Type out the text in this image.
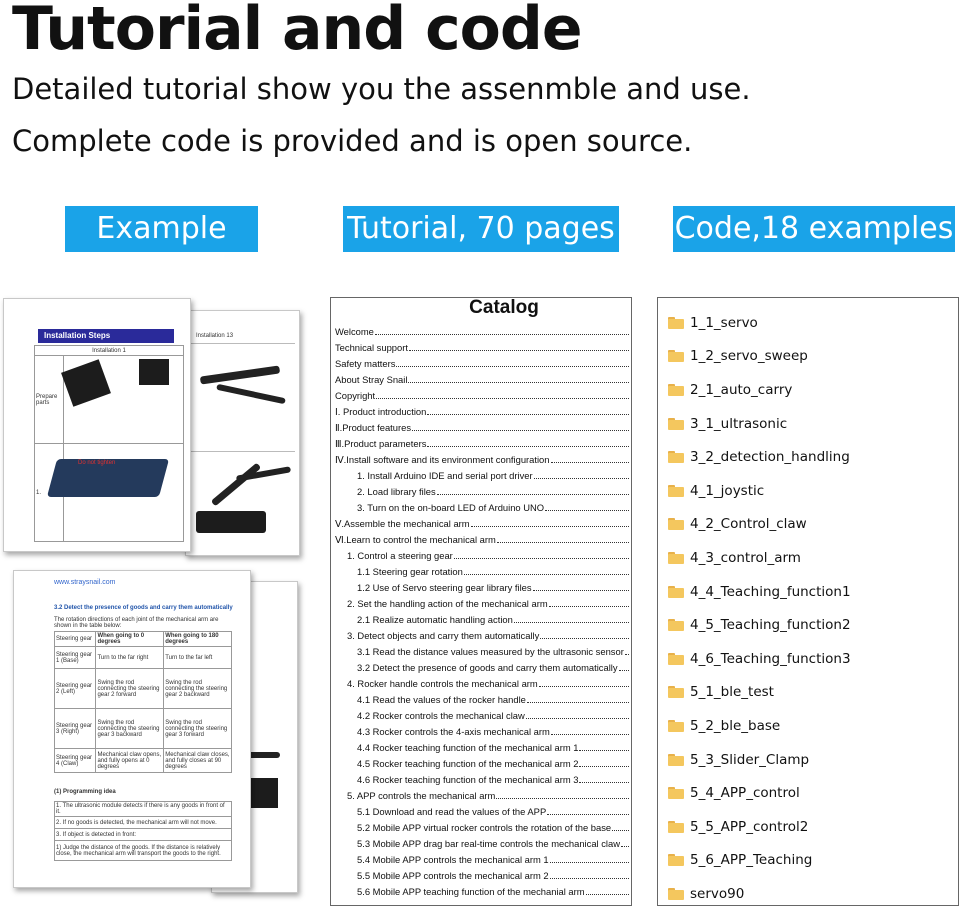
Tutorial and code

Detailed tutorial show you the assenmble and use.

Complete code is provided and is open source.

Example	Tutorial, 70 pages Code,18 examples
Installation 13
Installation Steps
Installation 1	
Prepare parts	
1.	
Do not tighten
www.straysnail.com
3.2 Detect the presence of goods and carry them automatically
The rotation directions of each joint of the mechanical arm are shown in the table below:
Steering gear	When going to 0 degrees	When going to 180 degrees
Steering gear 1 (Base)	Turn to the far right	Turn to the far left
Steering gear 2 (Left)	Swing the rod connecting the steering gear 2 forward	Swing the rod connecting the steering gear 2 backward
Steering gear 3 (Right)	Swing the rod connecting the steering gear 3 backward	Swing the rod connecting the steering gear 3 forward
Steering gear 4 (Claw)	Mechanical claw opens, and fully opens at 0 degrees	Mechanical claw closes, and fully closes at 90 degrees
(1) Programming idea
1. The ultrasonic module detects if there is any goods in front of it.
2. If no goods is detected, the mechanical arm will not move.
3. If object is detected in front:
1) Judge the distance of the goods. If the distance is relatively close, the mechanical arm will transport the goods to the right.
Catalog
Welcome
Technical support
Safety matters
About Stray Snail
Copyright
Ⅰ. Product introduction
Ⅱ.Product features
Ⅲ.Product parameters
Ⅳ.Install software and its environment configuration
1. Install Arduino IDE and serial port driver
2. Load library files
3. Turn on the on-board LED of Arduino UNO
Ⅴ.Assemble the mechanical arm
Ⅵ.Learn to control the mechanical arm
1. Control a steering gear
1.1 Steering gear rotation
1.2 Use of Servo steering gear library files
2. Set the handling action of the mechanical arm
2.1 Realize automatic handling action
3. Detect objects and carry them automatically
3.1 Read the distance values measured by the ultrasonic sensor
3.2 Detect the presence of goods and carry them automatically
4. Rocker handle controls the mechanical arm
4.1 Read the values of the rocker handle
4.2 Rocker controls the mechanical claw
4.3 Rocker controls the 4-axis mechanical arm
4.4 Rocker teaching function of the mechanical arm 1
4.5 Rocker teaching function of the mechanical arm 2
4.6 Rocker teaching function of the mechanical arm 3
5. APP controls the mechanical arm
5.1 Download and read the values of the APP
5.2 Mobile APP virtual rocker controls the rotation of the base
5.3 Mobile APP drag bar real-time controls the mechanical claw
5.4 Mobile APP controls the mechanical arm 1
5.5 Mobile APP controls the mechanical arm 2
5.6 Mobile APP teaching function of the mechanial arm
1_1_servo
1_2_servo_sweep
2_1_auto_carry
3_1_ultrasonic
3_2_detection_handling
4_1_joystic
4_2_Control_claw
4_3_control_arm
4_4_Teaching_function1
4_5_Teaching_function2
4_6_Teaching_function3
5_1_ble_test
5_2_ble_base
5_3_Slider_Clamp
5_4_APP_control
5_5_APP_control2
5_6_APP_Teaching
servo90
